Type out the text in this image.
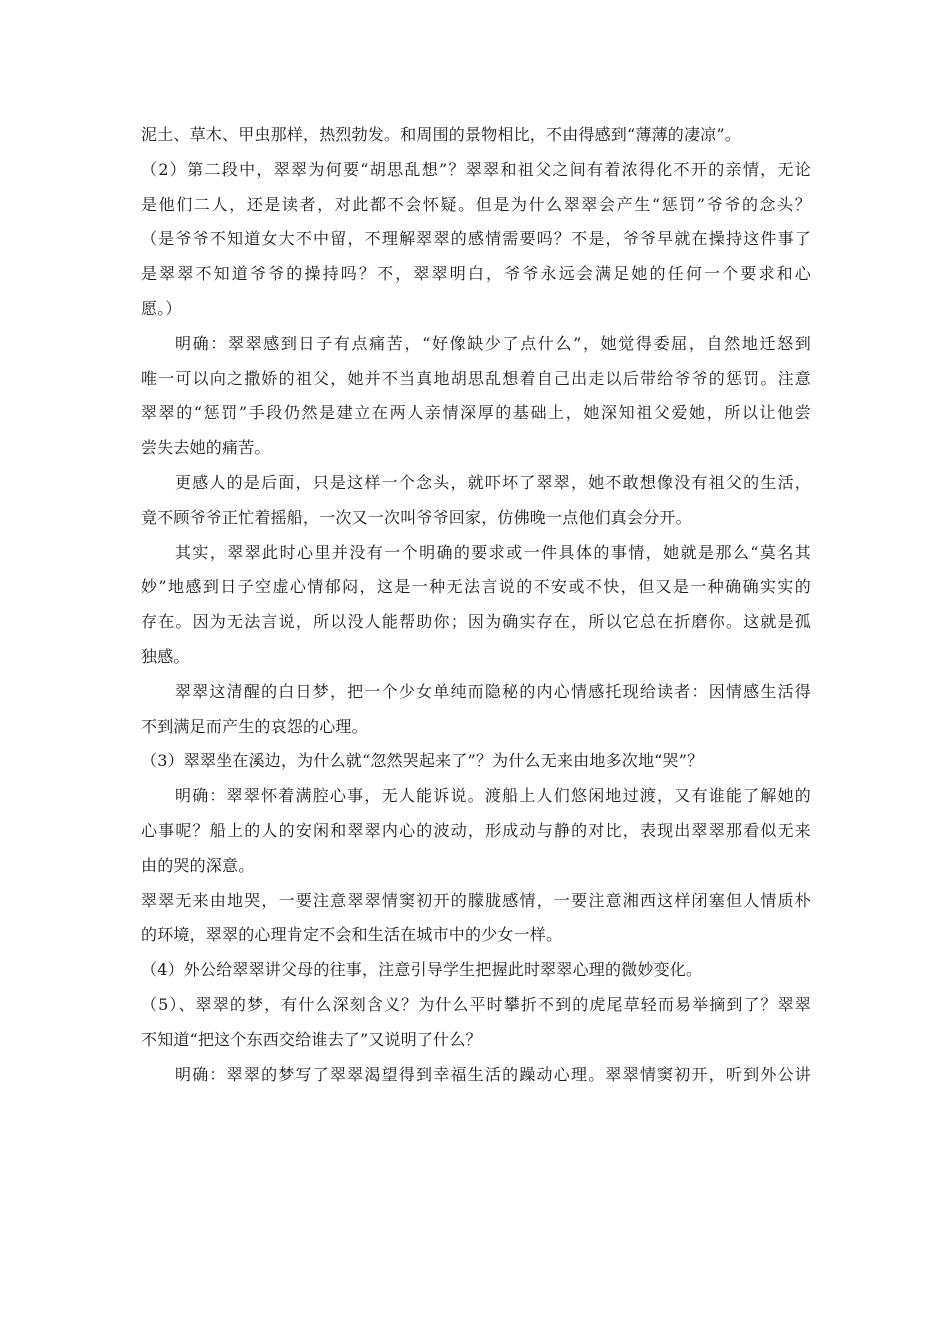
泥土、草木、甲虫那样，热烈勃发。和周围的景物相比，不由得感到“薄薄的凄凉”。
（2）第二段中，翠翠为何要“胡思乱想”？翠翠和祖父之间有着浓得化不开的亲情，无论
是他们二人，还是读者，对此都不会怀疑。但是为什么翠翠会产生“惩罚”爷爷的念头？
（是爷爷不知道女大不中留，不理解翠翠的感情需要吗？不是，爷爷早就在操持这件事了
是翠翠不知道爷爷的操持吗？不，翠翠明白，爷爷永远会满足她的任何一个要求和心
愿。）
明确：翠翠感到日子有点痛苦，“好像缺少了点什么”，她觉得委屈，自然地迁怒到
唯一可以向之撒娇的祖父，她并不当真地胡思乱想着自己出走以后带给爷爷的惩罚。注意
翠翠的“惩罚”手段仍然是建立在两人亲情深厚的基础上，她深知祖父爱她，所以让他尝
尝失去她的痛苦。
更感人的是后面，只是这样一个念头，就吓坏了翠翠，她不敢想像没有祖父的生活，
竟不顾爷爷正忙着摇船，一次又一次叫爷爷回家，仿佛晚一点他们真会分开。
其实，翠翠此时心里并没有一个明确的要求或一件具体的事情，她就是那么“莫名其
妙”地感到日子空虚心情郁闷，这是一种无法言说的不安或不快，但又是一种确确实实的
存在。因为无法言说，所以没人能帮助你；因为确实存在，所以它总在折磨你。这就是孤
独感。
翠翠这清醒的白日梦，把一个少女单纯而隐秘的内心情感托现给读者：因情感生活得
不到满足而产生的哀怨的心理。
（3）翠翠坐在溪边，为什么就“忽然哭起来了”？为什么无来由地多次地“哭”？
明确：翠翠怀着满腔心事，无人能诉说。渡船上人们悠闲地过渡，又有谁能了解她的
心事呢？船上的人的安闲和翠翠内心的波动，形成动与静的对比，表现出翠翠那看似无来
由的哭的深意。
翠翠无来由地哭，一要注意翠翠情窦初开的朦胧感情，一要注意湘西这样闭塞但人情质朴
的环境，翠翠的心理肯定不会和生活在城市中的少女一样。
（4）外公给翠翠讲父母的往事，注意引导学生把握此时翠翠心理的微妙变化。
（5）、翠翠的梦，有什么深刻含义？为什么平时攀折不到的虎尾草轻而易举摘到了？翠翠
不知道“把这个东西交给谁去了”又说明了什么？
明确：翠翠的梦写了翠翠渴望得到幸福生活的躁动心理。翠翠情窦初开，听到外公讲
